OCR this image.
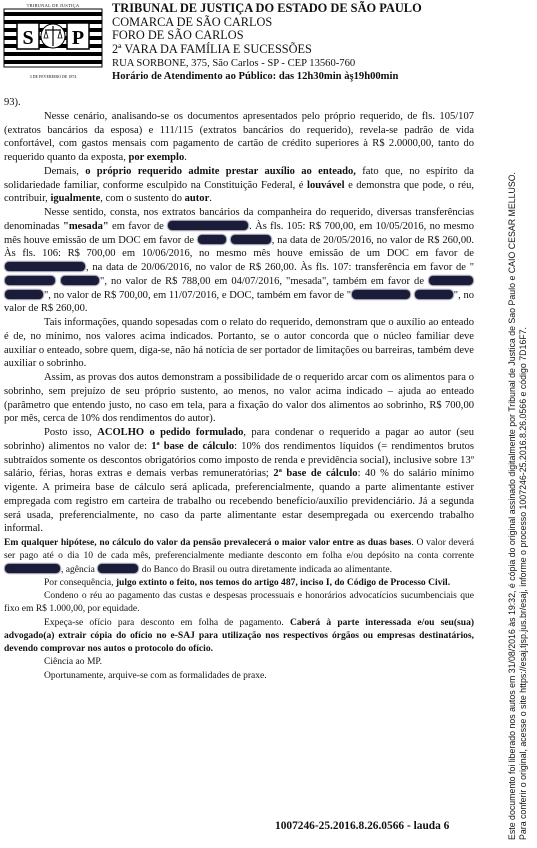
TRIBUNAL DE JUSTIÇA
S P
3 DE FEVEREIRO DE 1874
TRIBUNAL DE JUSTIÇA DO ESTADO DE SÃO PAULO
COMARCA DE SÃO CARLOS
FORO DE SÃO CARLOS
2ª VARA DA FAMÍLIA E SUCESSÕES
RUA SORBONE, 375, São Carlos - SP - CEP 13560-760
Horário de Atendimento ao Público: das 12h30min àş19h00min

93).

Nesse cenário, analisando-se os documentos apresentados pelo próprio requerido, de fls. 105/107 (extratos bancários da esposa) e 111/115 (extratos bancários do requerido), revela-se padrão de vida confortável, com gastos mensais com pagamento de cartão de crédito superiores à R$ 2.0000,00, tanto do requerido quanto da exposta, por exemplo.

Demais, o próprio requerido admite prestar auxílio ao enteado, fato que, no espírito da solidariedade familiar, conforme esculpido na Constituição Federal, é louvável e demonstra que pode, o réu, contribuir, igualmente, com o sustento do autor.

Nesse sentido, consta, nos extratos bancários da companheira do requerido, diversas transferências denominadas "mesada" em favor de	. Às fls. 105: R$ 700,00, em 10/05/2016, no mesmo mês houve emissão de um DOC em favor de	, na data de 20/05/2016, no valor de R$ 260,00. Às fls. 106: R$ 700,00 em 10/06/2016, no mesmo mês houve emissão de um DOC em favor de , na data de 20/06/2016, no valor de R$ 260,00. Às fls. 107: transferência em favor de " ", no valor de R$ 788,00 em 04/07/2016, "mesada", também em favor de  ", no valor de R$ 700,00, em 11/07/2016, e DOC, também em favor de "	", no valor de R$ 260,00.

Tais informações, quando sopesadas com o relato do requerido, demonstram que o auxílio ao enteado é de, no mínimo, nos valores acima indicados. Portanto, se o autor concorda que o núcleo familiar deve auxiliar o enteado, sobre quem, diga-se, não há notícia de ser portador de limitações ou barreiras, também deve auxiliar o sobrinho.

Assim, as provas dos autos demonstram a possibilidade de o requerido arcar com os alimentos para o sobrinho, sem prejuízo de seu próprio sustento, ao menos, no valor acima indicado – ajuda ao enteado (parâmetro que entendo justo, no caso em tela, para a fixação do valor dos alimentos ao sobrinho, R$ 700,00 por mês, cerca de 10% dos rendimentos do autor).

Posto isso, ACOLHO o pedido formulado, para condenar o requerido a pagar ao autor (seu sobrinho) alimentos no valor de: 1ª base de cálculo: 10% dos rendimentos líquidos (= rendimentos brutos subtraídos somente os descontos obrigatórios como imposto de renda e previdência social), inclusive sobre 13º salário, férias, horas extras e demais verbas remuneratórias; 2ª base de cálculo: 40 % do salário mínimo vigente. A primeira base de cálculo será aplicada, preferencialmente, quando a parte alimentante estiver empregada com registro em carteira de trabalho ou recebendo benefício/auxílio previdenciário. Já a segunda será usada, preferencialmente, no caso da parte alimentante estar desempregada ou exercendo trabalho informal.

Em qualquer hipótese, no cálculo do valor da pensão prevalecerá o maior valor entre as duas bases. O valor deverá ser pago até o dia 10 de cada mês, preferencialmente mediante desconto em folha e/ou depósito na conta corrente , agência	do Banco do Brasil ou outra diretamente indicada ao alimentante.

Por consequência, julgo extinto o feito, nos temos do artigo 487, inciso I, do Código de Processo Civil.

Condeno o réu ao pagamento das custas e despesas processuais e honorários advocatícios sucumbenciais que fixo em R$ 1.000,00, por equidade.

Expeça-se ofício para desconto em folha de pagamento. Caberá à parte interessada e/ou seu(sua) advogado(a) extrair cópia do ofício no e-SAJ para utilização nos respectivos órgãos ou empresas destinatários, devendo comprovar nos autos o protocolo do ofício.

Ciência ao MP.

Oportunamente, arquive-se com as formalidades de praxe.

1007246-25.2016.8.26.0566 - lauda 6	Este documento foi liberado nos autos em 31/08/2016 às 19:32, é cópia do original assinado digitalmente por Tribunal de Justica de Sao Paulo e CAIO CESAR MELLUSO. Para conferir o original, acesse o site https://esaj.tjsp.jus.br/esaj, informe o processo 1007246-25.2016.8.26.0566 e código 7D16F7.
